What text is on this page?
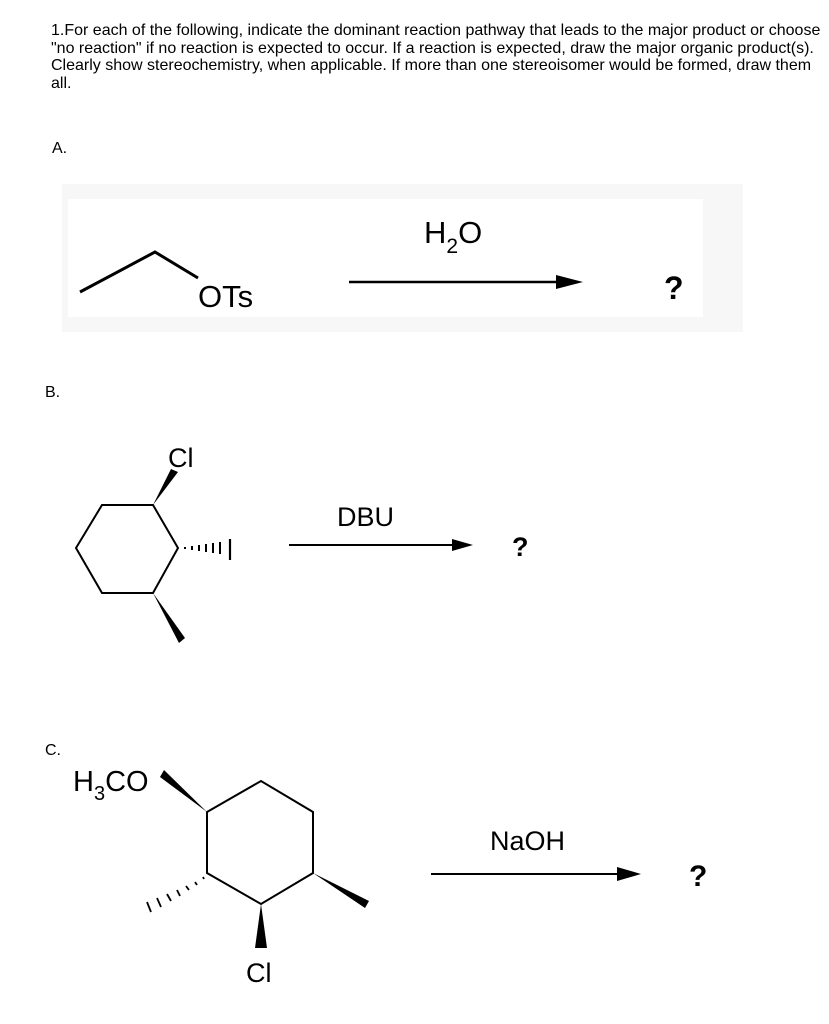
1.For each of the following, indicate the dominant reaction pathway that leads to the major product or choose "no reaction" if no reaction is expected to occur. If a reaction is expected, draw the major organic product(s). Clearly show stereochemistry, when applicable. If more than one stereoisomer would be formed, draw them all.

A.
OTs
$H_2O$
?
Cl
DBU
?
$H_3CO$
Cl
NaOH
?
B.
C.
